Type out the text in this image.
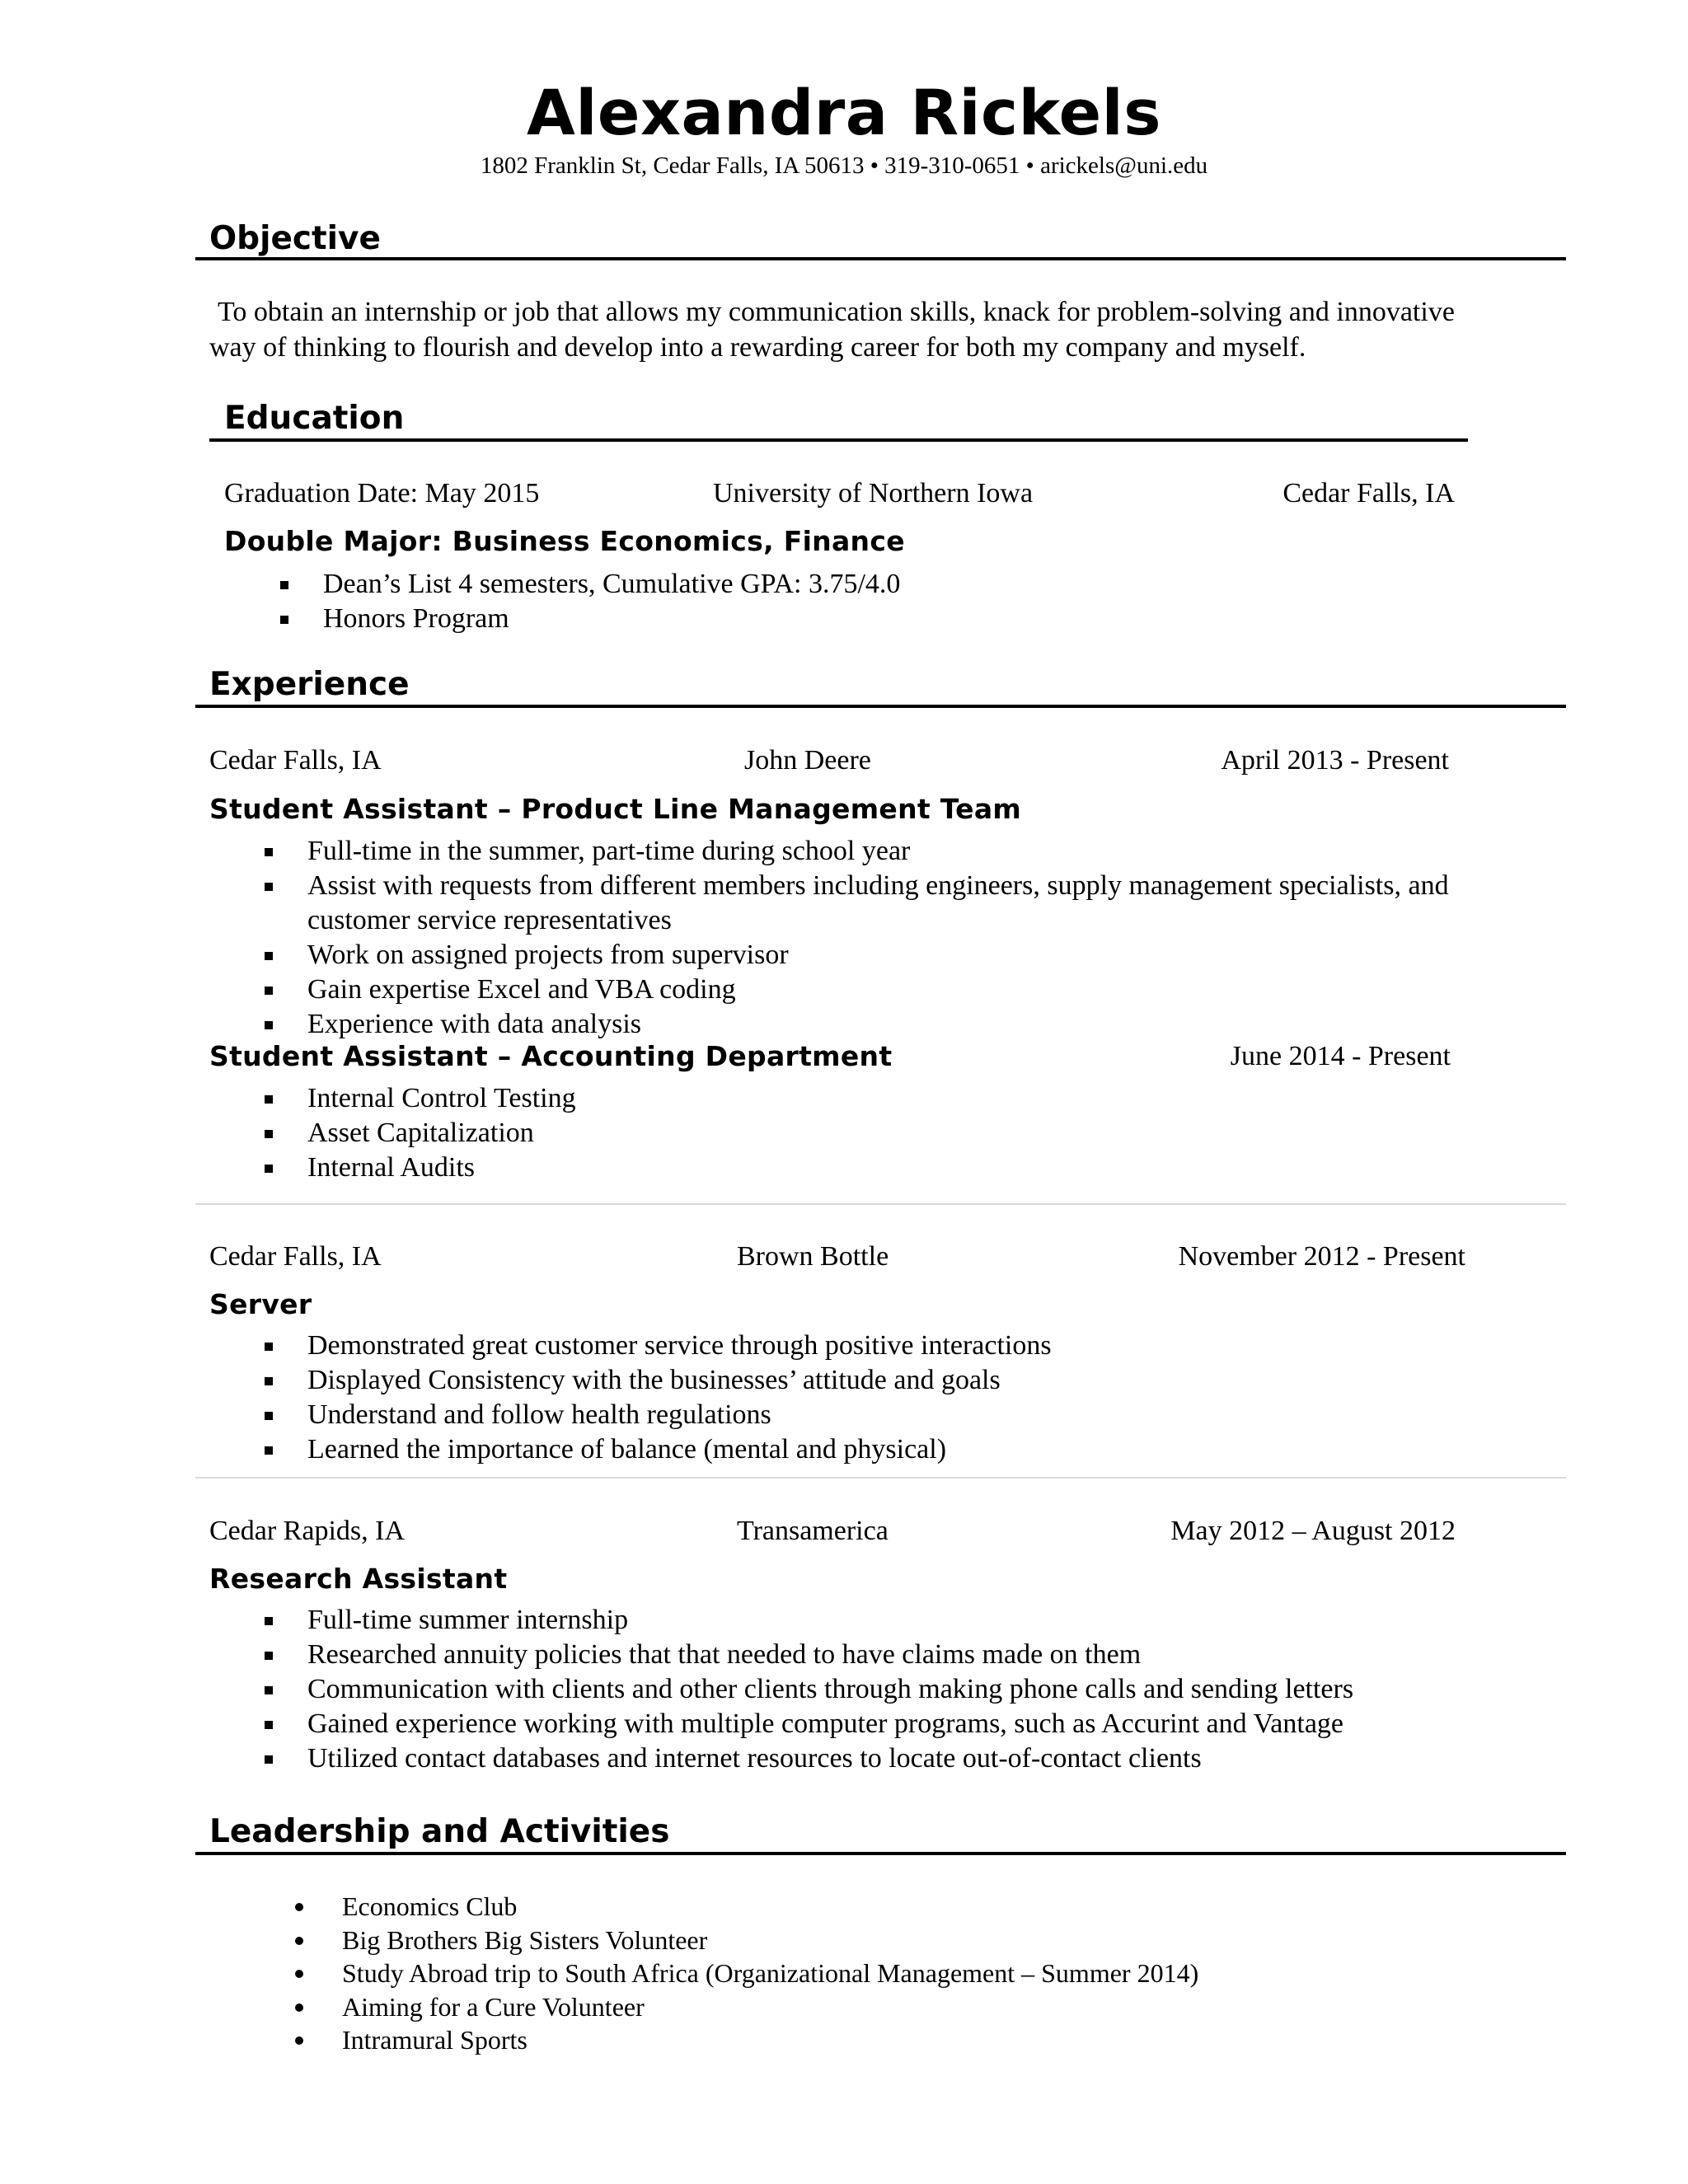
Alexandra Rickels
1802 Franklin St, Cedar Falls, IA 50613 • 319-310-0651 • arickels@uni.edu
Objective
To obtain an internship or job that allows my communication skills, knack for problem-solving and innovative
way of thinking to flourish and develop into a rewarding career for both my company and myself.
Education
Graduation Date: May 2015	University of Northern Iowa	Cedar Falls, IA
Double Major: Business Economics, Finance
Dean’s List 4 semesters, Cumulative GPA: 3.75/4.0
Honors Program
Experience
Cedar Falls, IA	John Deere	April 2013 - Present
Student Assistant – Product Line Management Team
Full-time in the summer, part-time during school year
Assist with requests from different members including engineers, supply management specialists, and customer service representatives
Work on assigned projects from supervisor
Gain expertise Excel and VBA coding
Experience with data analysis
Student Assistant – Accounting Department	June 2014 - Present
Internal Control Testing
Asset Capitalization
Internal Audits
Cedar Falls, IA	Brown Bottle	November 2012 - Present
Server
Demonstrated great customer service through positive interactions
Displayed Consistency with the businesses’ attitude and goals
Understand and follow health regulations
Learned the importance of balance (mental and physical)
Cedar Rapids, IA	Transamerica	May 2012 – August 2012
Research Assistant
Full-time summer internship
Researched annuity policies that that needed to have claims made on them
Communication with clients and other clients through making phone calls and sending letters
Gained experience working with multiple computer programs, such as Accurint and Vantage
Utilized contact databases and internet resources to locate out-of-contact clients
Leadership and Activities
Economics Club
Big Brothers Big Sisters Volunteer
Study Abroad trip to South Africa (Organizational Management – Summer 2014)
Aiming for a Cure Volunteer
Intramural Sports
